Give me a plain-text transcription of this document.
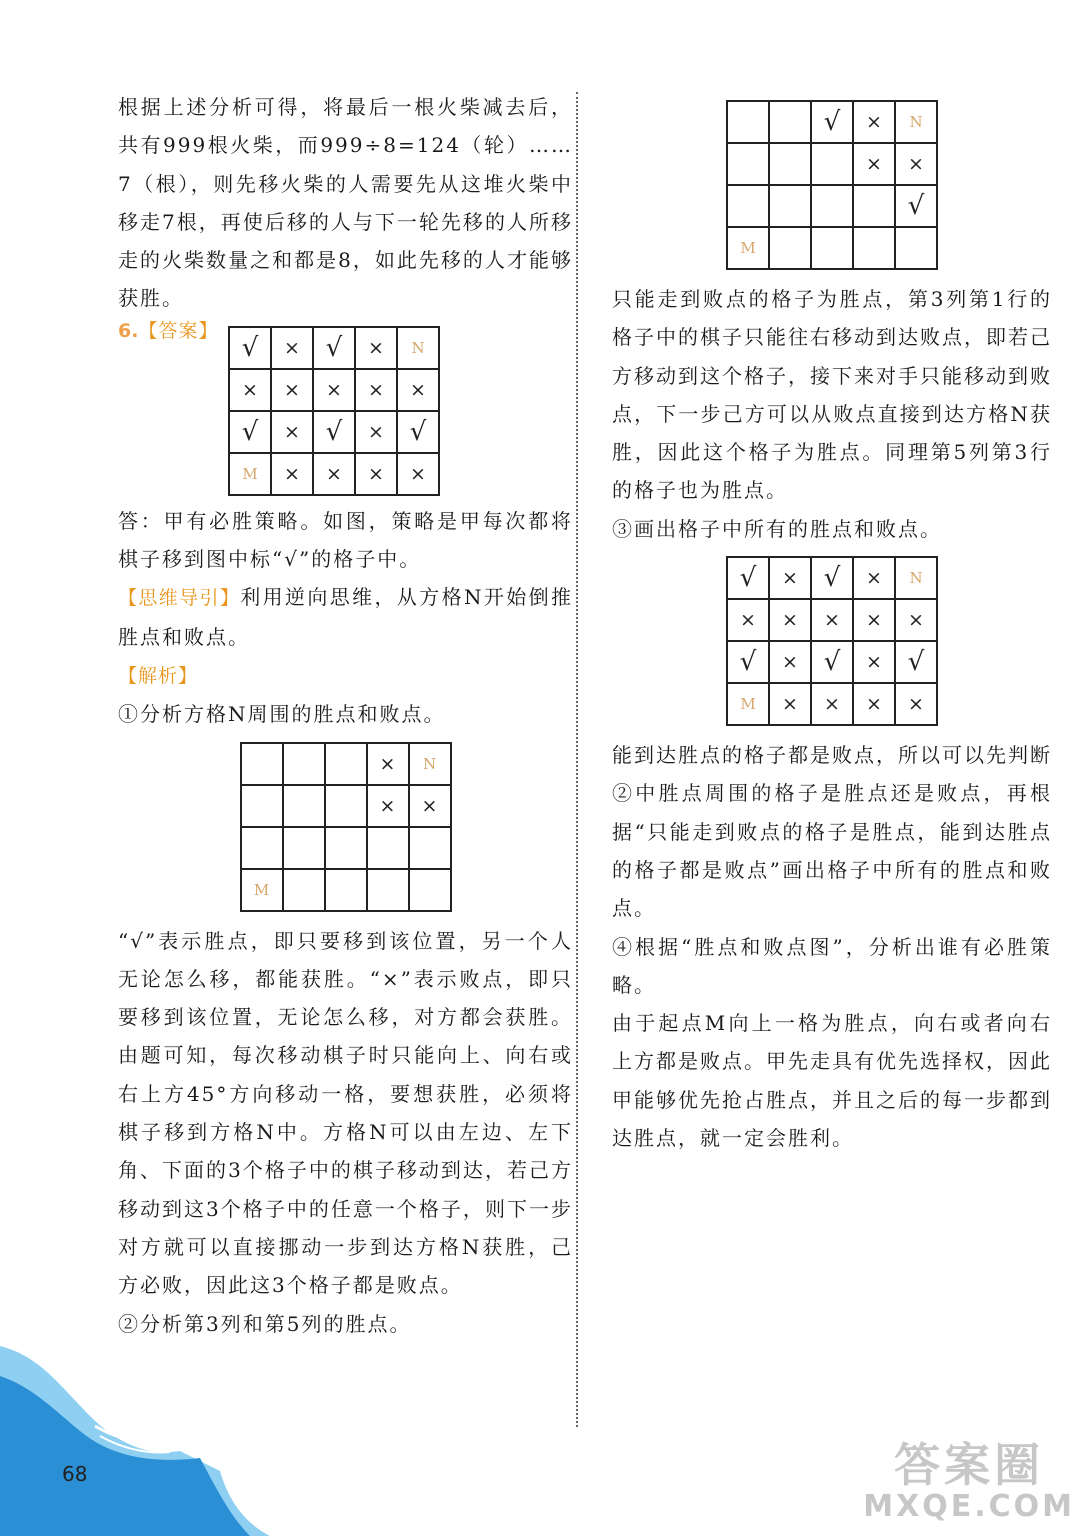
根据上述分析可得，将最后一根火柴减去后，共有999根火柴，而999÷8=124（轮）……7（根），则先移火柴的人需要先从这堆火柴中移走7根，再使后移的人与下一轮先移的人所移走的火柴数量之和都是8，如此先移的人才能够获胜。

6.【答案】
√	×	√	×	N
×	×	×	×	×
√	×	√	×	√
M	×	×	×	×

答：甲有必胜策略。如图，策略是甲每次都将棋子移到图中标“√”的格子中。

【思维导引】利用逆向思维，从方格N开始倒推胜点和败点。

【解析】

①分析方格N周围的胜点和败点。

			×	N
			×	×

M				

“√”表示胜点，即只要移到该位置，另一个人无论怎么移，都能获胜。“×”表示败点，即只要移到该位置，无论怎么移，对方都会获胜。由题可知，每次移动棋子时只能向上、向右或右上方45°方向移动一格，要想获胜，必须将棋子移到方格N中。方格N可以由左边、左下角、下面的3个格子中的棋子移动到达，若己方移动到这3个格子中的任意一个格子，则下一步对方就可以直接挪动一步到达方格N获胜，己方必败，因此这3个格子都是败点。

②分析第3列和第5列的胜点。

		√	×	N
			×	×
				√
M				

只能走到败点的格子为胜点，第3列第1行的格子中的棋子只能往右移动到达败点，即若己方移动到这个格子，接下来对手只能移动到败点，下一步己方可以从败点直接到达方格N获胜，因此这个格子为胜点。同理第5列第3行的格子也为胜点。

③画出格子中所有的胜点和败点。

√	×	√	×	N
×	×	×	×	×
√	×	√	×	√
M	×	×	×	×

能到达胜点的格子都是败点，所以可以先判断②中胜点周围的格子是胜点还是败点，再根据“只能走到败点的格子是胜点，能到达胜点的格子都是败点”画出格子中所有的胜点和败点。

④根据“胜点和败点图”，分析出谁有必胜策略。

由于起点M向上一格为胜点，向右或者向右上方都是败点。甲先走具有优先选择权，因此甲能够优先抢占胜点，并且之后的每一步都到达胜点，就一定会胜利。

68	答案圈
MXQE.COM
